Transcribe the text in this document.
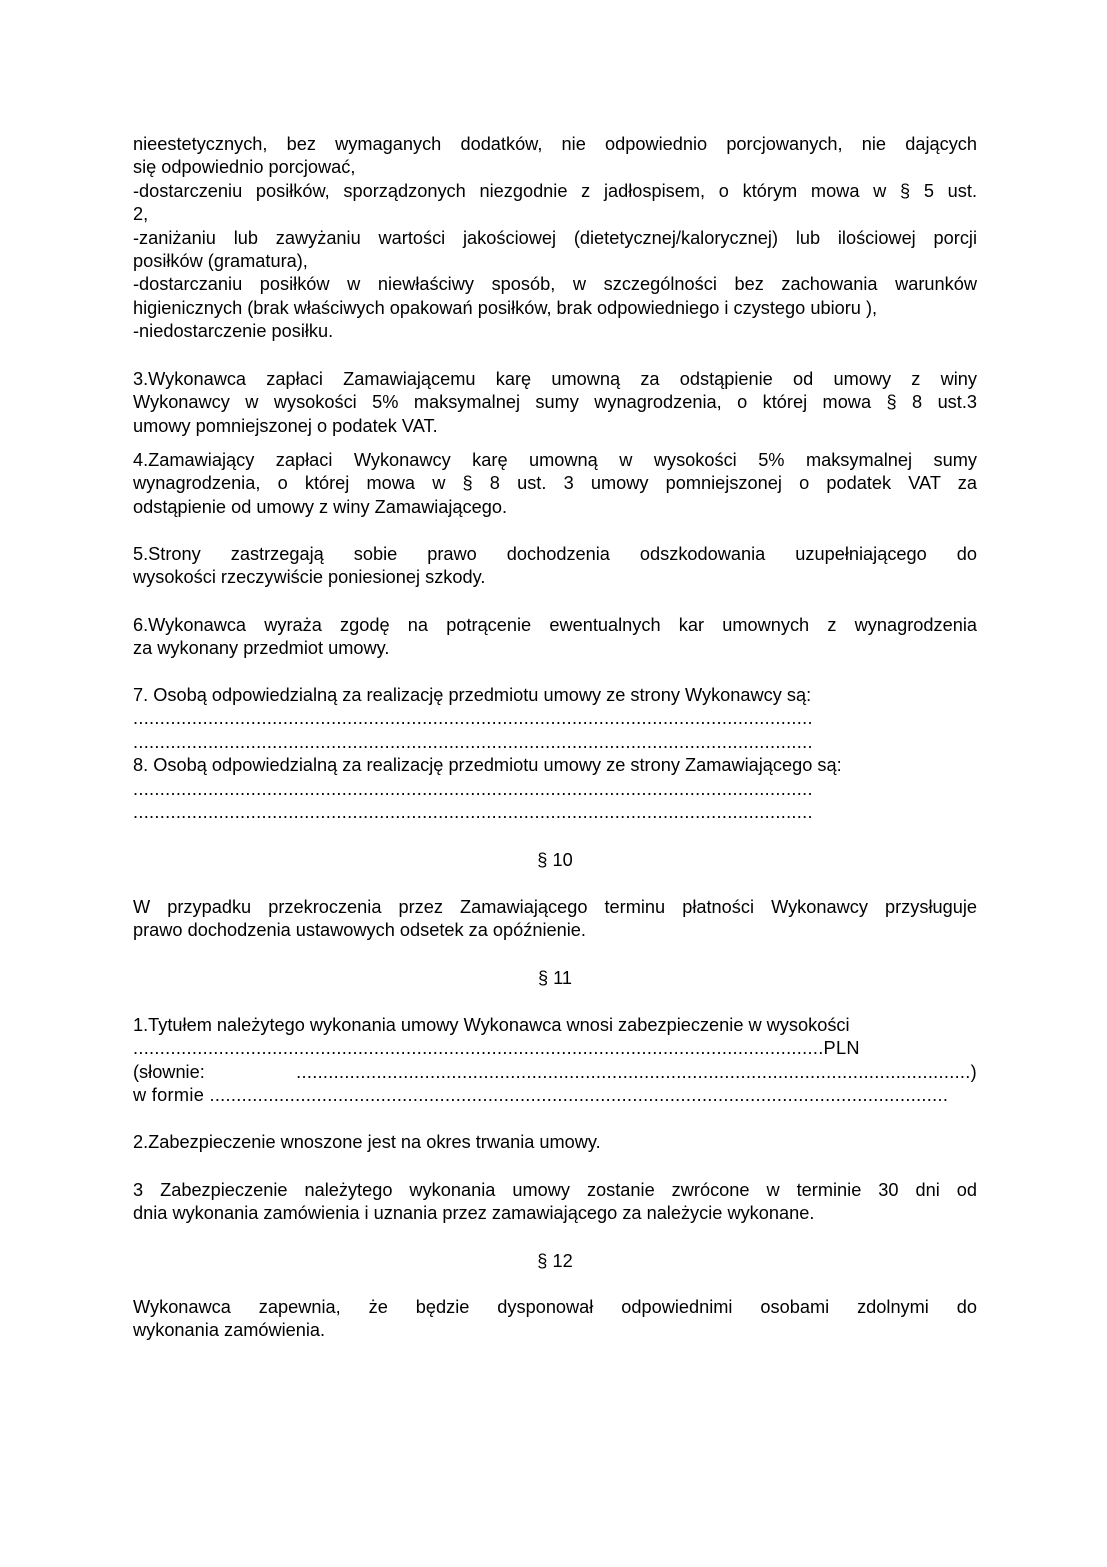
nieestetycznych, bez wymaganych dodatków, nie odpowiednio porcjowanych, nie dających
się odpowiednio porcjować,
-dostarczeniu posiłków, sporządzonych niezgodnie z jadłospisem, o którym mowa w § 5 ust.
2,
-zaniżaniu lub zawyżaniu wartości jakościowej (dietetycznej/kalorycznej) lub ilościowej porcji
posiłków (gramatura),
-dostarczaniu posiłków w niewłaściwy sposób, w szczególności bez zachowania warunków
higienicznych (brak właściwych opakowań posiłków, brak odpowiedniego i czystego ubioru ),
-niedostarczenie posiłku.
3.Wykonawca zapłaci Zamawiającemu karę umowną za odstąpienie od umowy z winy
Wykonawcy w wysokości 5% maksymalnej sumy wynagrodzenia, o której mowa § 8 ust.3
umowy pomniejszonej o podatek VAT.
4.Zamawiający zapłaci Wykonawcy karę umowną w wysokości 5% maksymalnej sumy
wynagrodzenia, o której mowa w § 8 ust. 3 umowy pomniejszonej o podatek VAT za
odstąpienie od umowy z winy Zamawiającego.
5.Strony zastrzegają sobie prawo dochodzenia odszkodowania uzupełniającego do
wysokości rzeczywiście poniesionej szkody.
6.Wykonawca wyraża zgodę na potrącenie ewentualnych kar umownych z wynagrodzenia
za wykonany przedmiot umowy.
7. Osobą odpowiedzialną za realizację przedmiotu umowy ze strony Wykonawcy są:
...............................................................................................................................
...............................................................................................................................
8. Osobą odpowiedzialną za realizację przedmiotu umowy ze strony Zamawiającego są:
...............................................................................................................................
...............................................................................................................................
§ 10
W przypadku przekroczenia przez Zamawiającego terminu płatności Wykonawcy przysługuje
prawo dochodzenia ustawowych odsetek za opóźnienie.
§ 11
1.Tytułem należytego wykonania umowy Wykonawca wnosi zabezpieczenie w wysokości
.................................................................................................................................PLN
(słownie:	..............................................................................................................................)

w formie ..........................................................................................................................................
2.Zabezpieczenie wnoszone jest na okres trwania umowy.
3 Zabezpieczenie należytego wykonania umowy zostanie zwrócone w terminie 30 dni od
dnia wykonania zamówienia i uznania przez zamawiającego za należycie wykonane.
§ 12
Wykonawca zapewnia, że będzie dysponował odpowiednimi osobami zdolnymi do
wykonania zamówienia.
